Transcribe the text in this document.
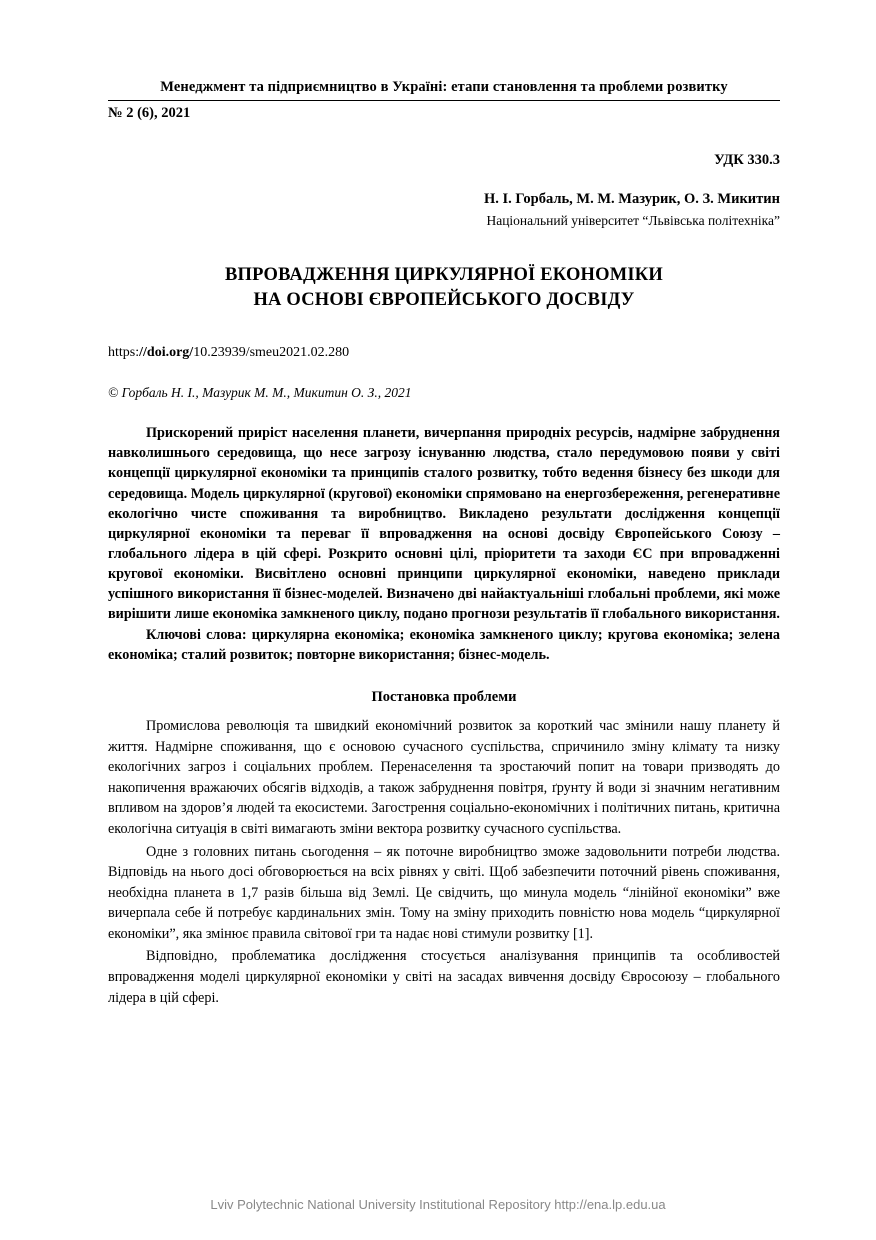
Менеджмент та підприємництво в Україні: етапи становлення та проблеми розвитку
№ 2 (6), 2021
УДК 330.3
Н. І. Горбаль, М. М. Мазурик, О. З. Микитин
Національний університет “Львівська політехніка”
ВПРОВАДЖЕННЯ ЦИРКУЛЯРНОЇ ЕКОНОМІКИ
НА ОСНОВІ ЄВРОПЕЙСЬКОГО ДОСВІДУ
https://doi.org/10.23939/smeu2021.02.280
© Горбаль Н. І., Мазурик М. М., Микитин О. З., 2021
Прискорений приріст населення планети, вичерпання природніх ресурсів, надмірне забруднення навколишнього середовища, що несе загрозу існуванню людства, стало передумовою появи у світі концепції циркулярної економіки та принципів сталого розвитку, тобто ведення бізнесу без шкоди для середовища. Модель циркулярної (кругової) економіки спрямовано на енергозбереження, регенеративне екологічно чисте споживання та виробництво. Викладено результати дослідження концепції циркулярної економіки та переваг її впровадження на основі досвіду Європейського Союзу – глобального лідера в цій сфері. Розкрито основні цілі, пріоритети та заходи ЄС при впровадженні кругової економіки. Висвітлено основні принципи циркулярної економіки, наведено приклади успішного використання її бізнес-моделей. Визначено дві найактуальніші глобальні проблеми, які може вирішити лише економіка замкненого циклу, подано прогнози результатів її глобального використання.
Ключові слова: циркулярна економіка; економіка замкненого циклу; кругова економіка; зелена економіка; сталий розвиток; повторне використання; бізнес-модель.
Постановка проблеми

Промислова революція та швидкий економічний розвиток за короткий час змінили нашу планету й життя. Надмірне споживання, що є основою сучасного суспільства, спричинило зміну клімату та низку екологічних загроз і соціальних проблем. Перенаселення та зростаючий попит на товари призводять до накопичення вражаючих обсягів відходів, а також забруднення повітря, ґрунту й води зі значним негативним впливом на здоров’я людей та екосистеми. Загострення соціально-економічних і політичних питань, критична екологічна ситуація в світі вимагають зміни вектора розвитку сучасного суспільства.

Одне з головних питань сьогодення – як поточне виробництво зможе задовольнити потреби людства. Відповідь на нього досі обговорюється на всіх рівнях у світі. Щоб забезпечити поточний рівень споживання, необхідна планета в 1,7 разів більша від Землі. Це свідчить, що минула модель “лінійної економіки” вже вичерпала себе й потребує кардинальних змін. Тому на зміну приходить повністю нова модель “циркулярної економіки”, яка змінює правила світової гри та надає нові стимули розвитку [1].

Відповідно, проблематика дослідження стосується аналізування принципів та особливостей впровадження моделі циркулярної економіки у світі на засадах вивчення досвіду Євросоюзу – глобального лідера в цій сфері.

Lviv Polytechnic National University Institutional Repository http://ena.lp.edu.ua
